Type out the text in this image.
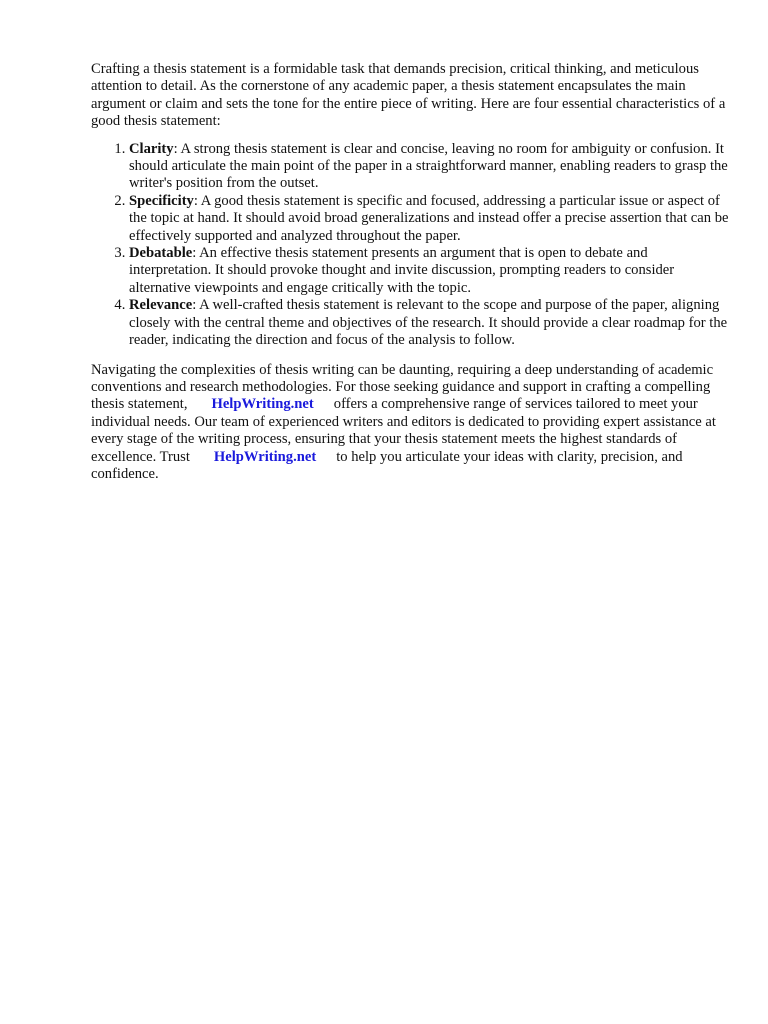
Crafting a thesis statement is a formidable task that demands precision, critical thinking, and meticulous attention to detail. As the cornerstone of any academic paper, a thesis statement encapsulates the main argument or claim and sets the tone for the entire piece of writing. Here are four essential characteristics of a good thesis statement:

1. Clarity: A strong thesis statement is clear and concise, leaving no room for ambiguity or confusion. It should articulate the main point of the paper in a straightforward manner, enabling readers to grasp the writer's position from the outset.
2. Specificity: A good thesis statement is specific and focused, addressing a particular issue or aspect of the topic at hand. It should avoid broad generalizations and instead offer a precise assertion that can be effectively supported and analyzed throughout the paper.
3. Debatable: An effective thesis statement presents an argument that is open to debate and interpretation. It should provoke thought and invite discussion, prompting readers to consider alternative viewpoints and engage critically with the topic.
4. Relevance: A well-crafted thesis statement is relevant to the scope and purpose of the paper, aligning closely with the central theme and objectives of the research. It should provide a clear roadmap for the reader, indicating the direction and focus of the analysis to follow.

Navigating the complexities of thesis writing can be daunting, requiring a deep understanding of academic conventions and research methodologies. For those seeking guidance and support in crafting a compelling thesis statement, HelpWriting.net offers a comprehensive range of services tailored to meet your individual needs. Our team of experienced writers and editors is dedicated to providing expert assistance at every stage of the writing process, ensuring that your thesis statement meets the highest standards of excellence. Trust HelpWriting.net to help you articulate your ideas with clarity, precision, and confidence.
